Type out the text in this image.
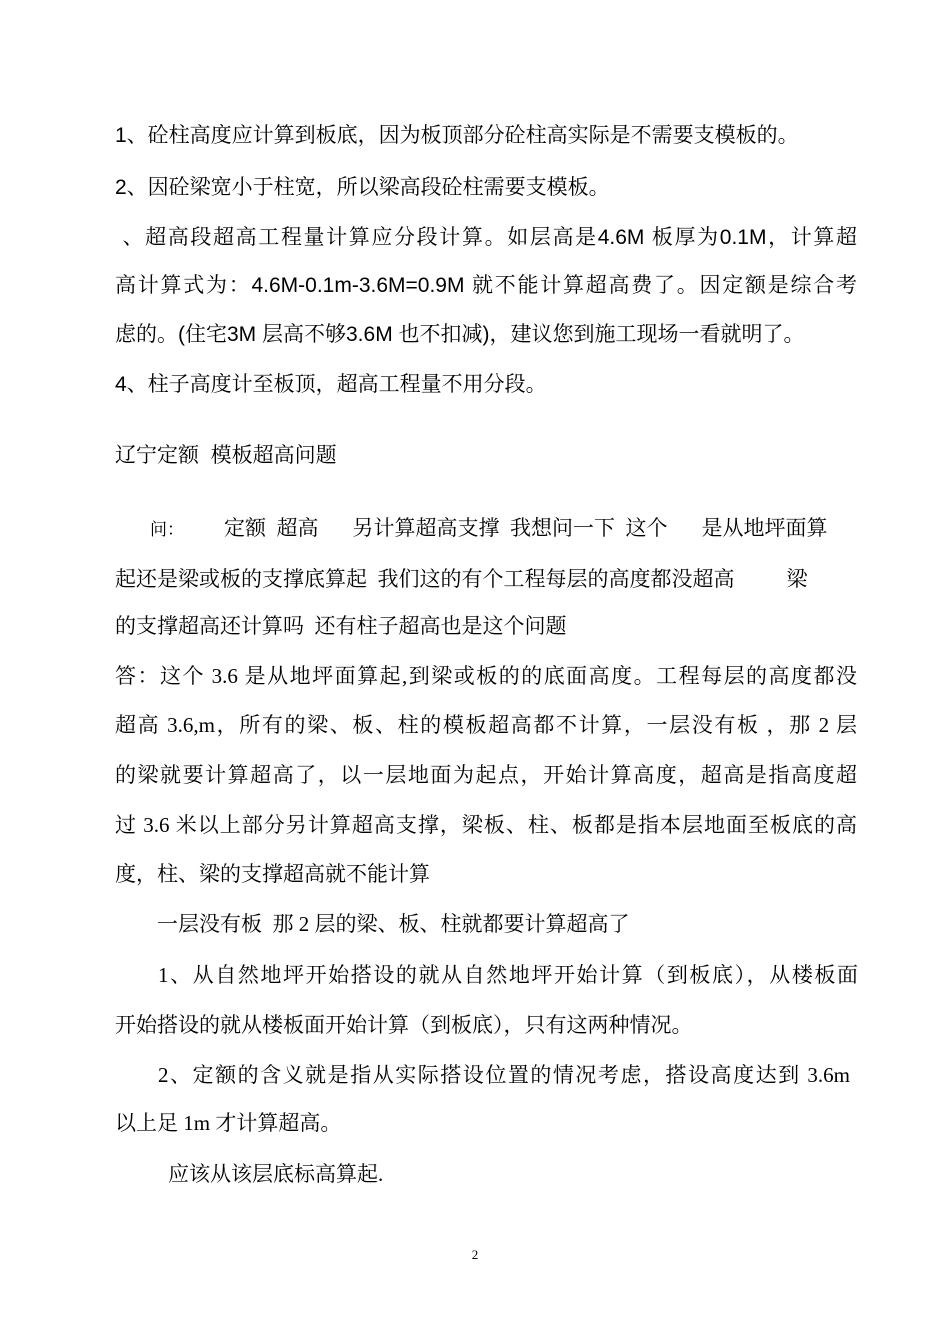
1、砼柱高度应计算到板底，因为板顶部分砼柱高实际是不需要支模板的。
2、因砼梁宽小于柱宽，所以梁高段砼柱需要支模板。
、超高段超高工程量计算应分段计算。如层高是4.6M 板厚为0.1M，计算超
高计算式为：4.6M-0.1m-3.6M=0.9M 就不能计算超高费了。因定额是综合考
虑的。(住宅3M 层高不够3.6M 也不扣减)，建议您到施工现场一看就明了。
4、柱子高度计至板顶，超高工程量不用分段。
辽宁定额  模板超高问题
问： 定额  超高 另计算超高支撑  我想问一下  这个 是从地坪面算
起还是梁或板的支撑底算起  我们这的有个工程每层的高度都没超高 梁
的支撑超高还计算吗  还有柱子超高也是这个问题
答：这个 3.6 是从地坪面算起,到梁或板的的底面高度。工程每层的高度都没
超高 3.6,m，所有的梁、板、柱的模板超高都不计算，一层没有板 ，那 2 层
的梁就要计算超高了，以一层地面为起点，开始计算高度，超高是指高度超
过 3.6 米以上部分另计算超高支撑，梁板、柱、板都是指本层地面至板底的高
度，柱、梁的支撑超高就不能计算
一层没有板  那 2 层的梁、板、柱就都要计算超高了
1、从自然地坪开始搭设的就从自然地坪开始计算（到板底），从楼板面
开始搭设的就从楼板面开始计算（到板底），只有这两种情况。
2、定额的含义就是指从实际搭设位置的情况考虑，搭设高度达到 3.6m
以上足 1m 才计算超高。
应该从该层底标高算起.
2
